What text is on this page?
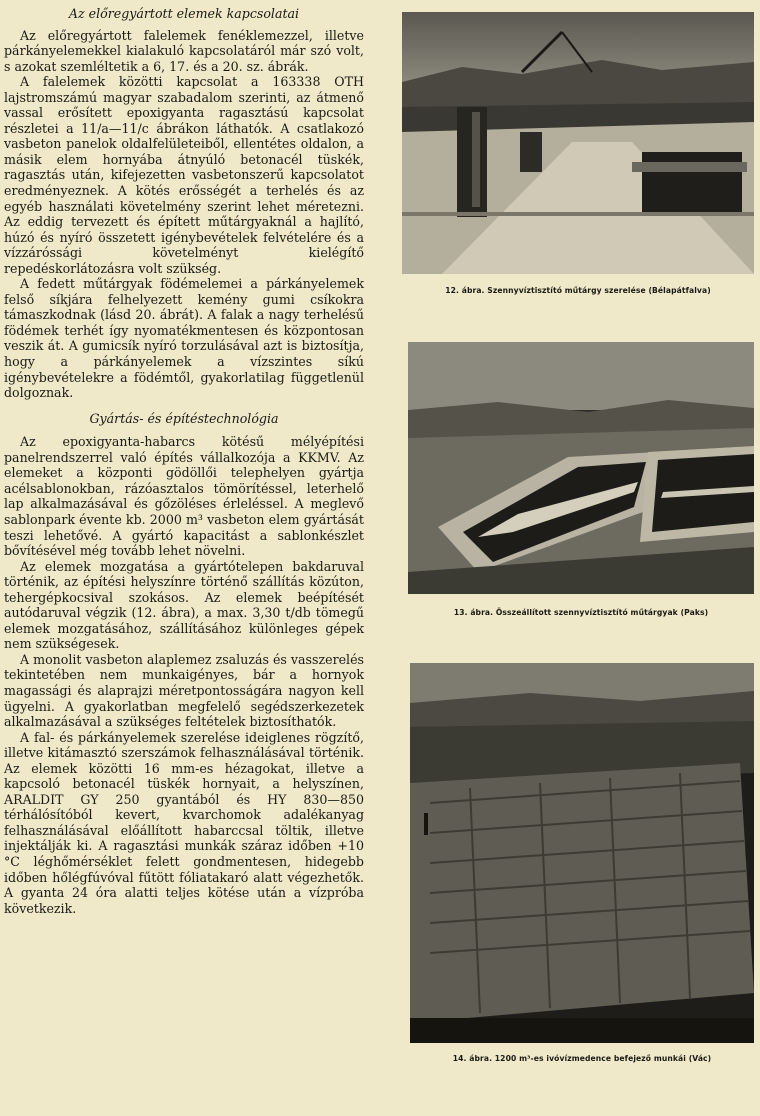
Az előregyártott elemek kapcsolatai

Az előregyártott falelemek fenéklemezzel, illetve párkányelemekkel kialakuló kapcsolatáról már szó volt, s azokat szemléltetik a 6, 17. és a 20. sz. ábrák.

A falelemek közötti kapcsolat a 163338 OTH lajstromszámú magyar szabadalom szerinti, az átmenő vassal erősített epoxigyanta ragasztású kapcsolat részletei a 11/a—11/c ábrákon láthatók. A csatlakozó vasbeton panelok oldalfelületeiből, ellentétes oldalon, a másik elem hornyába átnyúló betonacél tüskék, ragasztás után, kifejezetten vasbetonszerű kapcsolatot eredményeznek. A kötés erősségét a terhelés és az egyéb használati követelmény szerint lehet méretezni. Az eddig tervezett és épített műtárgyaknál a hajlító, húzó és nyíró összetett igénybevételek felvételére és a vízzáróssági követelményt kielégítő repedéskorlátozásra volt szükség.

A fedett műtárgyak födémelemei a párkányelemek felső síkjára felhelyezett kemény gumi csíkokra támaszkodnak (lásd 20. ábrát). A falak a nagy terhelésű födémek terhét így nyomatékmentesen és központosan veszik át. A gumicsík nyíró torzulásával azt is biztosítja, hogy a párkányelemek a vízszintes síkú igénybevételekre a födémtől, gyakorlatilag függetlenül dolgoznak.

Gyártás- és építéstechnológia

Az epoxigyanta-habarcs kötésű mélyépítési panelrendszerrel való építés vállalkozója a KKMV. Az elemeket a központi gödöllői telephelyen gyártja acélsablonokban, rázóasztalos tömörítéssel, leterhelő lap alkalmazásával és gőzöléses érleléssel. A meglevő sablonpark évente kb. 2000 m³ vasbeton elem gyártását teszi lehetővé. A gyártó kapacitást a sablonkészlet bővítésével még tovább lehet növelni.

Az elemek mozgatása a gyártótelepen bakdaruval történik, az építési helyszínre történő szállítás közúton, tehergépkocsival szokásos. Az elemek beépítését autódaruval végzik (12. ábra), a max. 3,30 t/db tömegű elemek mozgatásához, szállításához különleges gépek nem szükségesek.

A monolit vasbeton alaplemez zsaluzás és vasszerelés tekintetében nem munkaigényes, bár a hornyok magassági és alaprajzi méretpontosságára nagyon kell ügyelni. A gyakorlatban megfelelő segédszerkezetek alkalmazásával a szükséges feltételek biztosíthatók.

A fal- és párkányelemek szerelése ideiglenes rögzítő, illetve kitámasztó szerszámok felhasználásával történik. Az elemek közötti 16 mm-es hézagokat, illetve a kapcsoló betonacél tüskék hornyait, a helyszínen, ARALDIT GY 250 gyantából és HY 830—850 térhálósítóból kevert, kvarchomok adalékanyag felhasználásával előállított habarccsal töltik, illetve injektálják ki. A ragasztási munkák száraz időben +10 °C léghőmérséklet felett gondmentesen, hidegebb időben hőlégfúvóval fűtött fóliatakaró alatt végezhetők. A gyanta 24 óra alatti teljes kötése után a vízpróba következik.

12. ábra. Szennyvíztisztító műtárgy szerelése (Bélapátfalva)
13. ábra. Összeállított szennyvíztisztító műtárgyak (Paks)
14. ábra. 1200 m³-es ivóvízmedence befejező munkái (Vác)
